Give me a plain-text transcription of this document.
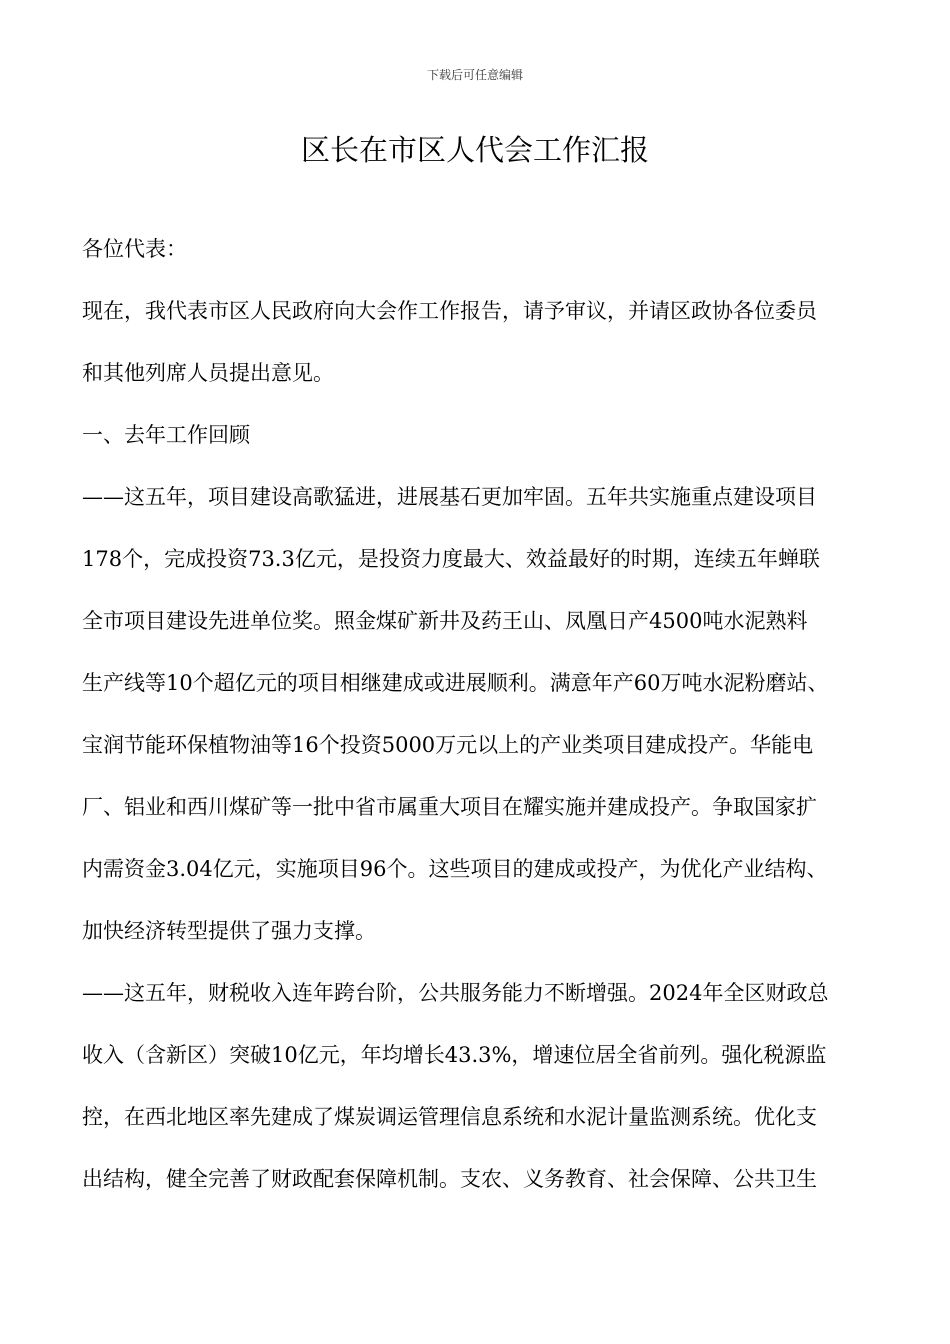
下载后可任意编辑
区长在市区人代会工作汇报
各位代表：
现在，我代表市区人民政府向大会作工作报告，请予审议，并请区政协各位委员
和其他列席人员提出意见。
一、去年工作回顾
——这五年，项目建设高歌猛进，进展基石更加牢固。五年共实施重点建设项目
178个，完成投资73.3亿元，是投资力度最大、效益最好的时期，连续五年蝉联
全市项目建设先进单位奖。照金煤矿新井及药王山、凤凰日产4500吨水泥熟料
生产线等10个超亿元的项目相继建成或进展顺利。满意年产60万吨水泥粉磨站、
宝润节能环保植物油等16个投资5000万元以上的产业类项目建成投产。华能电
厂、铝业和西川煤矿等一批中省市属重大项目在耀实施并建成投产。争取国家扩
内需资金3.04亿元，实施项目96个。这些项目的建成或投产，为优化产业结构、
加快经济转型提供了强力支撑。
——这五年，财税收入连年跨台阶，公共服务能力不断增强。2024年全区财政总
收入（含新区）突破10亿元，年均增长43.3%，增速位居全省前列。强化税源监
控，在西北地区率先建成了煤炭调运管理信息系统和水泥计量监测系统。优化支
出结构，健全完善了财政配套保障机制。支农、义务教育、社会保障、公共卫生
